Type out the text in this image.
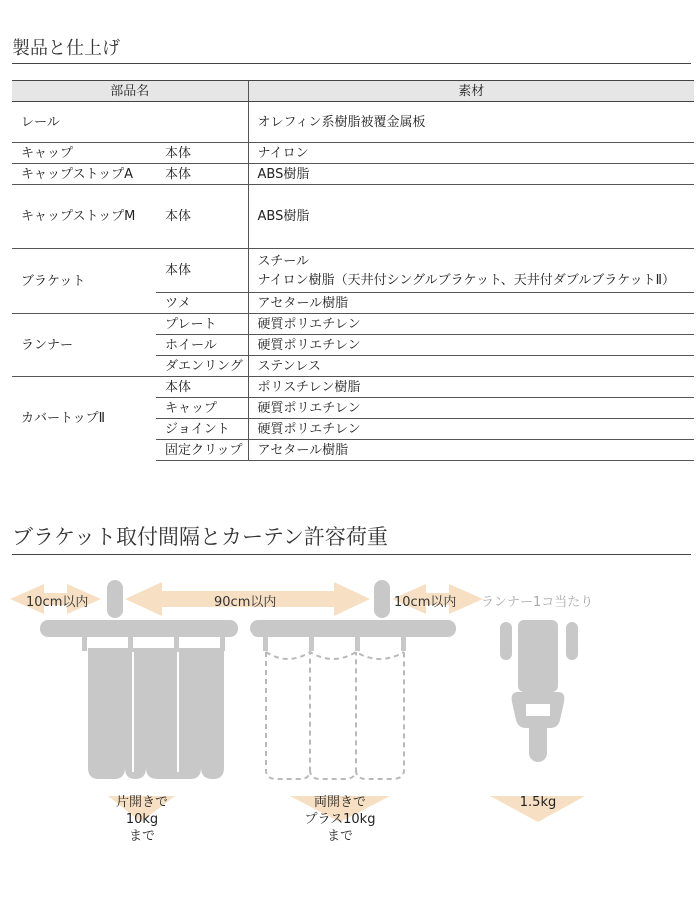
製品と仕上げ
部品名		素材
レール		オレフィン系樹脂被覆金属板
キャップ	本体	ナイロン
キャップストップA	本体	ABS樹脂
キャップストップM	本体	ABS樹脂
ブラケット	本体	スチール
ナイロン樹脂（天井付シングルブラケット、天井付ダブルブラケットⅡ）

	ツメ	アセタール樹脂
ランナー	プレート	硬質ポリエチレン
	ホイール	硬質ポリエチレン
	ダエンリング	ステンレス
カバートップⅡ	本体	ポリスチレン樹脂
	キャップ	硬質ポリエチレン
	ジョイント	硬質ポリエチレン
	固定クリップ	アセタール樹脂
ブラケット取付間隔とカーテン許容荷重
10cm以内	90cm以内	10cm以内 ランナー1コ当たり
片開きで
10kg
まで
両開きで
プラス10kg
まで
1.5kg
